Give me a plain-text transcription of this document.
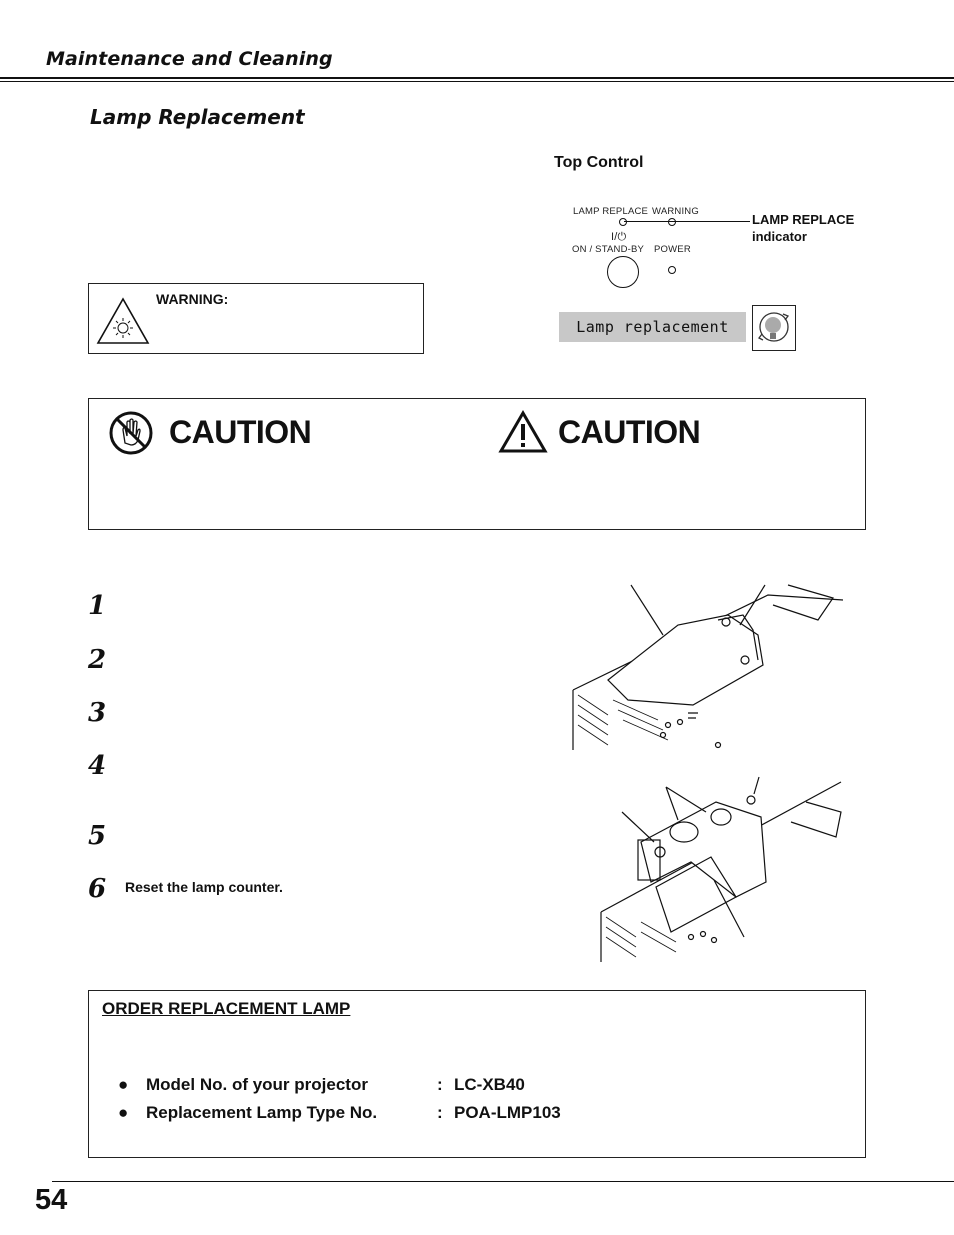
Maintenance and Cleaning
Lamp Replacement
Top Control
LAMP REPLACE WARNING
LAMP REPLACE
indicator
I/⏻
ON / STAND-BY POWER
WARNING:
Lamp replacement
CAUTION	CAUTION
1
2
3
4
5
6 Reset the lamp counter.
ORDER REPLACEMENT LAMP
● Model No. of your projector	: LC-XB40
● Replacement Lamp Type No.	: POA-LMP103
54
